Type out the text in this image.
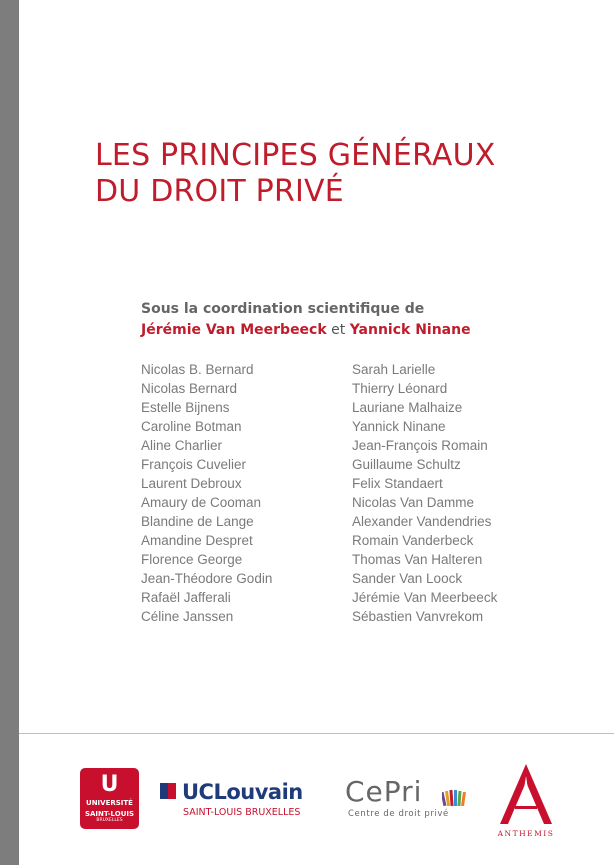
LES PRINCIPES GÉNÉRAUX
DU DROIT PRIVÉ
Sous la coordination scientifique de
Jérémie Van Meerbeeck et Yannick Ninane
Nicolas B. Bernard
Nicolas Bernard
Estelle Bijnens
Caroline Botman
Aline Charlier
François Cuvelier
Laurent Debroux
Amaury de Cooman
Blandine de Lange
Amandine Despret
Florence George
Jean-Théodore Godin
Rafaël Jafferali
Céline Janssen
Sarah Larielle
Thierry Léonard
Lauriane Malhaize
Yannick Ninane
Jean-François Romain
Guillaume Schultz
Felix Standaert
Nicolas Van Damme
Alexander Vandendries
Romain Vanderbeck
Thomas Van Halteren
Sander Van Loock
Jérémie Van Meerbeeck
Sébastien Vanvrekom
U
UNIVERSITÉ
SAINT-LOUIS
BRUXELLES
UCLouvain
SAINT-LOUIS BRUXELLES
CePri
Centre de droit privé
ANTHEMIS
